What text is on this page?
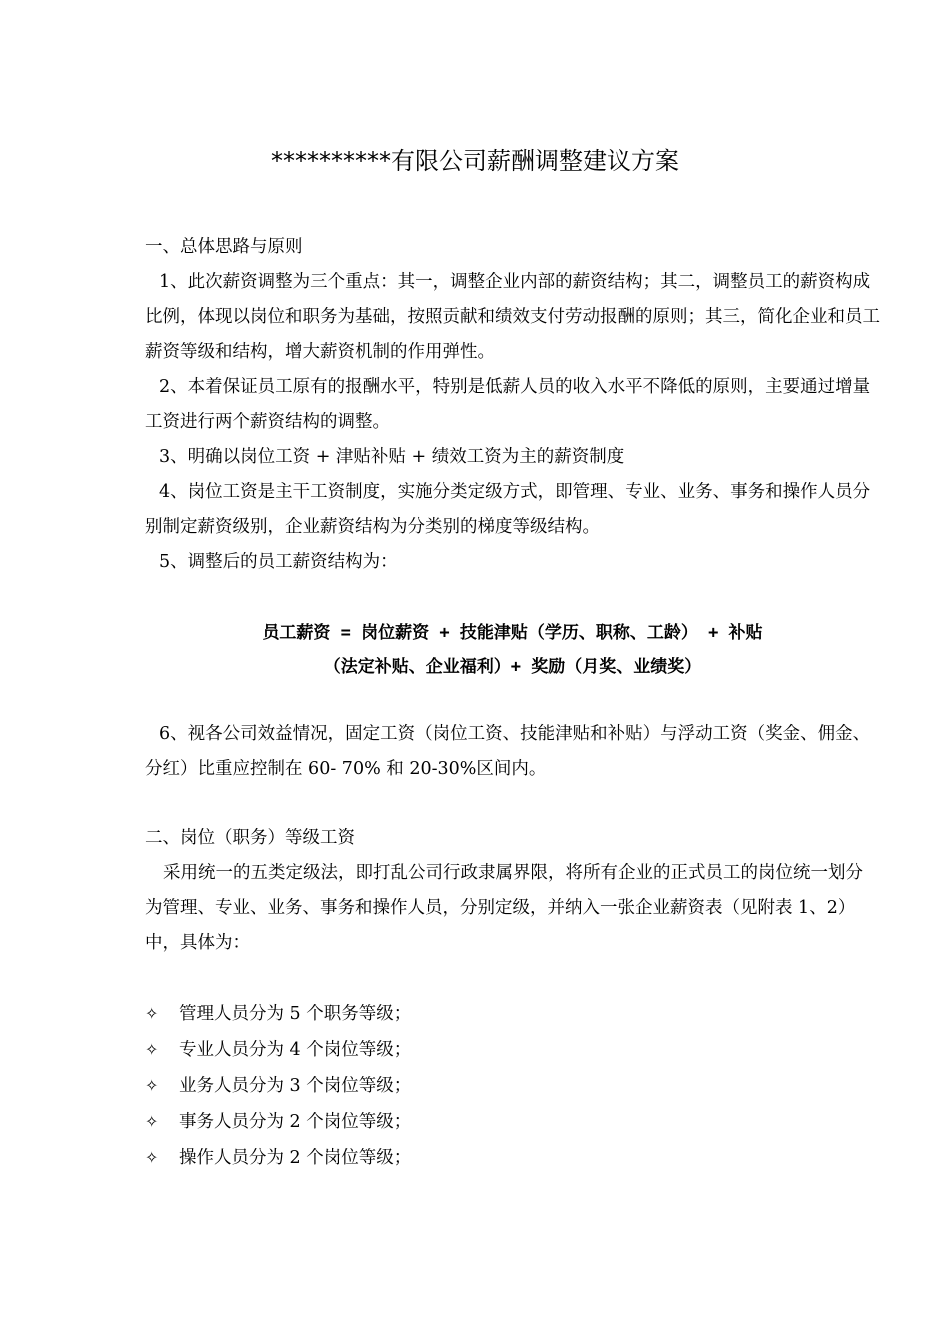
**********有限公司薪酬调整建议方案

一、总体思路与原则

1、此次薪资调整为三个重点：其一，调整企业内部的薪资结构；其二，调整员工的薪资构成比例，体现以岗位和职务为基础，按照贡献和绩效支付劳动报酬的原则；其三，简化企业和员工薪资等级和结构，增大薪资机制的作用弹性。

2、本着保证员工原有的报酬水平，特别是低薪人员的收入水平不降低的原则，主要通过增量工资进行两个薪资结构的调整。

3、明确以岗位工资 + 津贴补贴 + 绩效工资为主的薪资制度

4、岗位工资是主干工资制度，实施分类定级方式，即管理、专业、业务、事务和操作人员分别制定薪资级别，企业薪资结构为分类别的梯度等级结构。

5、调整后的员工薪资结构为：

员工薪资 = 岗位薪资 + 技能津贴（学历、职称、工龄） + 补贴

（法定补贴、企业福利）+ 奖励（月奖、业绩奖）

6、视各公司效益情况，固定工资（岗位工资、技能津贴和补贴）与浮动工资（奖金、佣金、分红）比重应控制在 60- 70% 和 20-30%区间内。

二、岗位（职务）等级工资

采用统一的五类定级法，即打乱公司行政隶属界限，将所有企业的正式员工的岗位统一划分为管理、专业、业务、事务和操作人员，分别定级，并纳入一张企业薪资表（见附表 1、2）中，具体为：

✧	管理人员分为 5 个职务等级；
✧	专业人员分为 4 个岗位等级；
✧	业务人员分为 3 个岗位等级；
✧	事务人员分为 2 个岗位等级；
✧	操作人员分为 2 个岗位等级；
